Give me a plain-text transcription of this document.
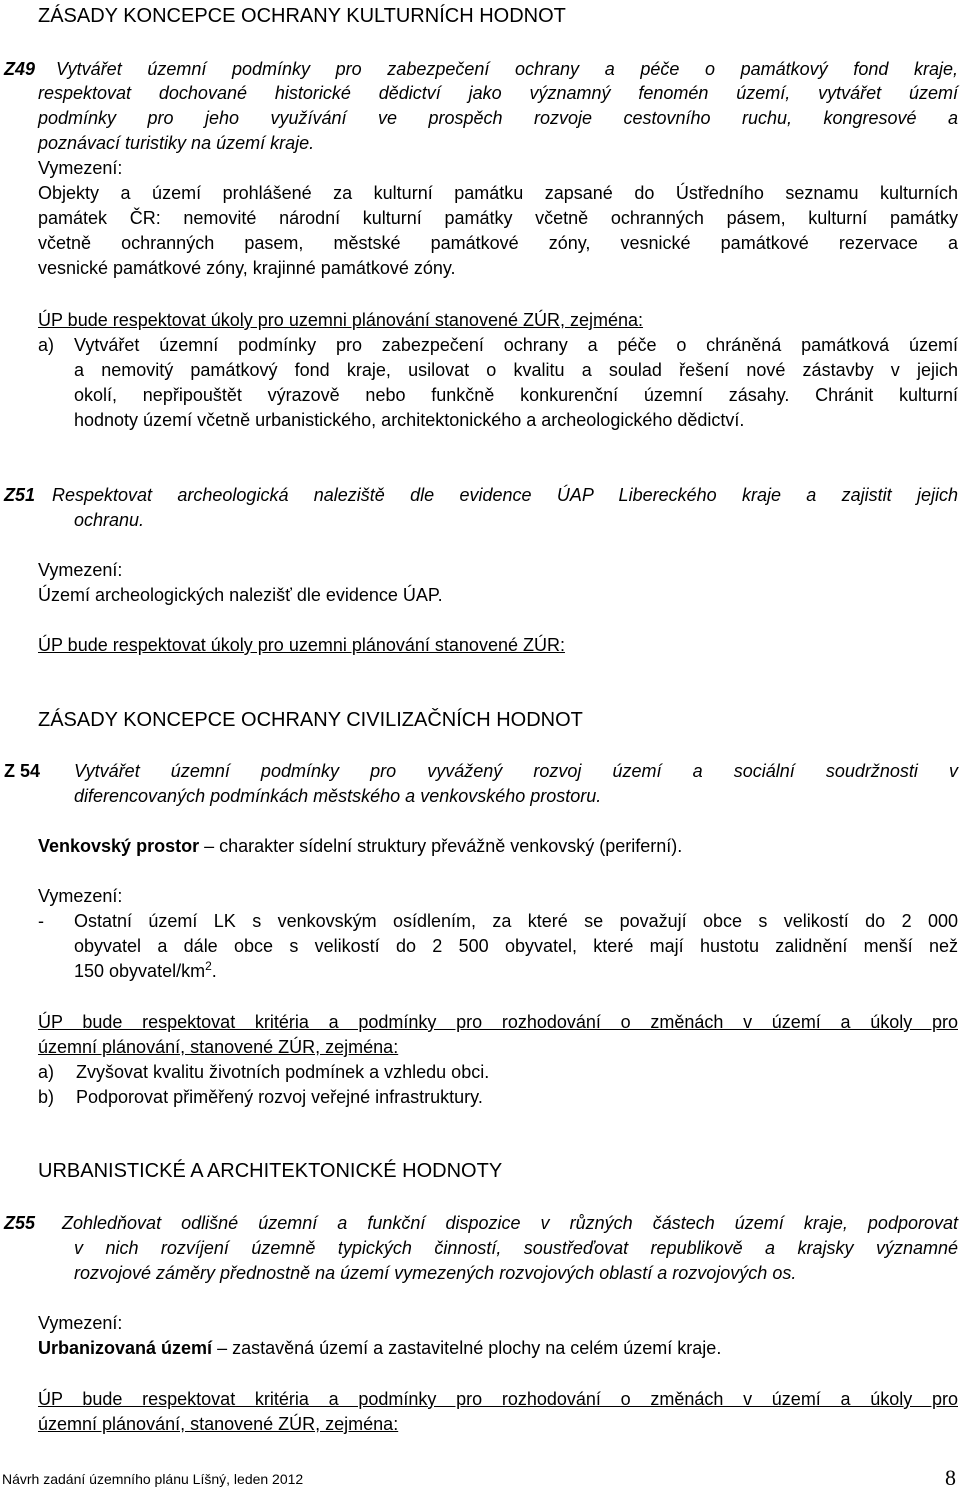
ZÁSADY KONCEPCE OCHRANY KULTURNÍCH HODNOT
Z49 Vytvářet územní podmínky pro zabezpečení ochrany a péče o památkový fond kraje,
respektovat dochované historické dědictví jako významný fenomén území, vytvářet území
podmínky pro jeho využívání ve prospěch rozvoje cestovního ruchu, kongresové a
poznávací turistiky na území kraje.
Vymezení:
Objekty a území prohlášené za kulturní památku zapsané do Ústředního seznamu kulturních
památek ČR: nemovité národní kulturní památky včetně ochranných pásem, kulturní památky
včetně ochranných pasem, městské památkové zóny, vesnické památkové rezervace a
vesnické památkové zóny, krajinné památkové zóny.
ÚP bude respektovat úkoly pro uzemni plánování stanovené ZÚR, zejména:
a) Vytvářet územní podmínky pro zabezpečení ochrany a péče o chráněná památková území
a nemovitý památkový fond kraje, usilovat o kvalitu a soulad řešení nové zástavby v jejich
okolí, nepřipouštět výrazově nebo funkčně konkurenční územní zásahy. Chránit kulturní
hodnoty území včetně urbanistického, architektonického a archeologického dědictví.
Z51 Respektovat archeologická naleziště dle evidence ÚAP Libereckého kraje a zajistit jejich
ochranu.
Vymezení:
Území archeologických nalezišť dle evidence ÚAP.
ÚP bude respektovat úkoly pro uzemni plánování stanovené ZÚR:
ZÁSADY KONCEPCE OCHRANY CIVILIZAČNÍCH HODNOT
Z 54 Vytvářet územní podmínky pro vyvážený rozvoj území a sociální soudržnosti v
diferencovaných podmínkách městského a venkovského prostoru.
Venkovský prostor – charakter sídelní struktury převážně venkovský (periferní).
Vymezení:
- Ostatní území LK s venkovským osídlením, za které se považují obce s velikostí do 2 000
obyvatel a dále obce s velikostí do 2 500 obyvatel, které mají hustotu zalidnění menší než
150 obyvatel/$km^2$.
ÚP bude respektovat kritéria a podmínky pro rozhodování o změnách v území a úkoly pro
územní plánování, stanovené ZÚR, zejména:
a) Zvyšovat kvalitu životních podmínek a vzhledu obci.
b) Podporovat přiměřený rozvoj veřejné infrastruktury.
URBANISTICKÉ A ARCHITEKTONICKÉ HODNOTY
Z55 Zohledňovat odlišné územní a funkční dispozice v různých částech území kraje, podporovat
v nich rozvíjení územně typických činností, soustřeďovat republikově a krajsky významné
rozvojové záměry přednostně na území vymezených rozvojových oblastí a rozvojových os.
Vymezení:
Urbanizovaná území – zastavěná území a zastavitelné plochy na celém území kraje.
ÚP bude respektovat kritéria a podmínky pro rozhodování o změnách v území a úkoly pro
územní plánování, stanovené ZÚR, zejména:
Návrh zadání územního plánu Líšný, leden 2012	8
